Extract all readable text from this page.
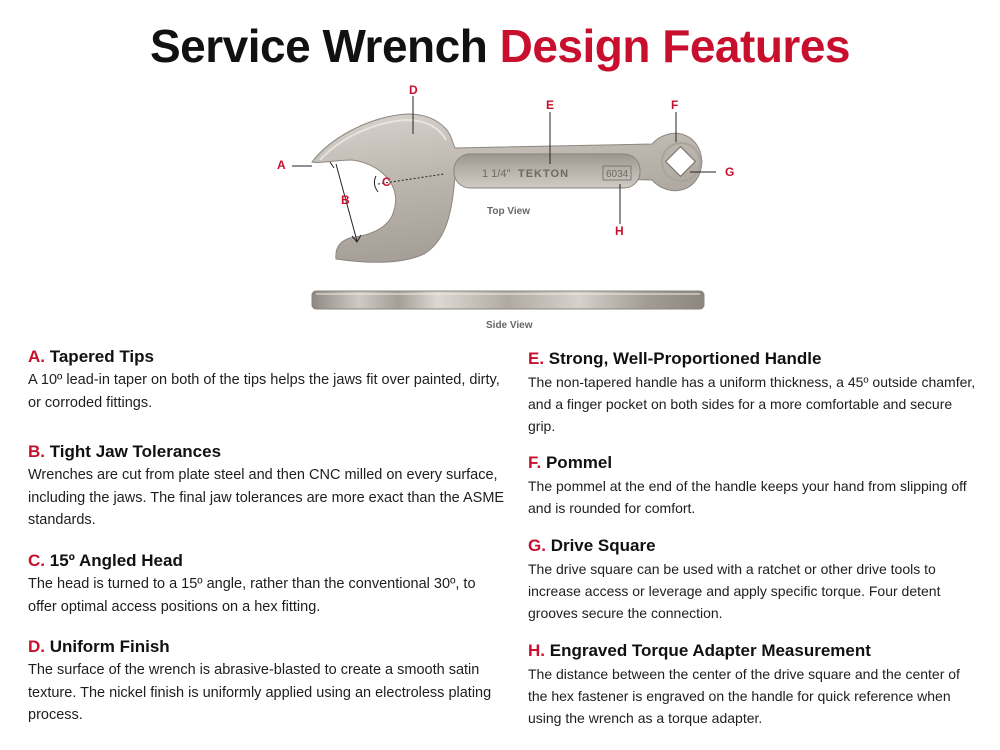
Service Wrench Design Features
1 1/4" TEKTON	6034
A
B
C
D
E	F
G
H
Top View
Side View
A. Tapered Tips

A 10º lead-in taper on both of the tips helps the jaws fit over painted, dirty, or corroded fittings.

B. Tight Jaw Tolerances

Wrenches are cut from plate steel and then CNC milled on every surface, including the jaws. The final jaw tolerances are more exact than the ASME standards.

C. 15º Angled Head

The head is turned to a 15º angle, rather than the conventional 30º, to offer optimal access positions on a hex fitting.

D. Uniform Finish

The surface of the wrench is abrasive-blasted to create a smooth satin texture. The nickel finish is uniformly applied using an electroless plating process.

E. Strong, Well-Proportioned Handle

The non-tapered handle has a uniform thickness, a 45º outside chamfer, and a finger pocket on both sides for a more comfortable and secure grip.

F. Pommel

The pommel at the end of the handle keeps your hand from slipping off and is rounded for comfort.

G. Drive Square

The drive square can be used with a ratchet or other drive tools to increase access or leverage and apply specific torque. Four detent grooves secure the connection.

H. Engraved Torque Adapter Measurement

The distance between the center of the drive square and the center of the hex fastener is engraved on the handle for quick reference when using the wrench as a torque adapter.
